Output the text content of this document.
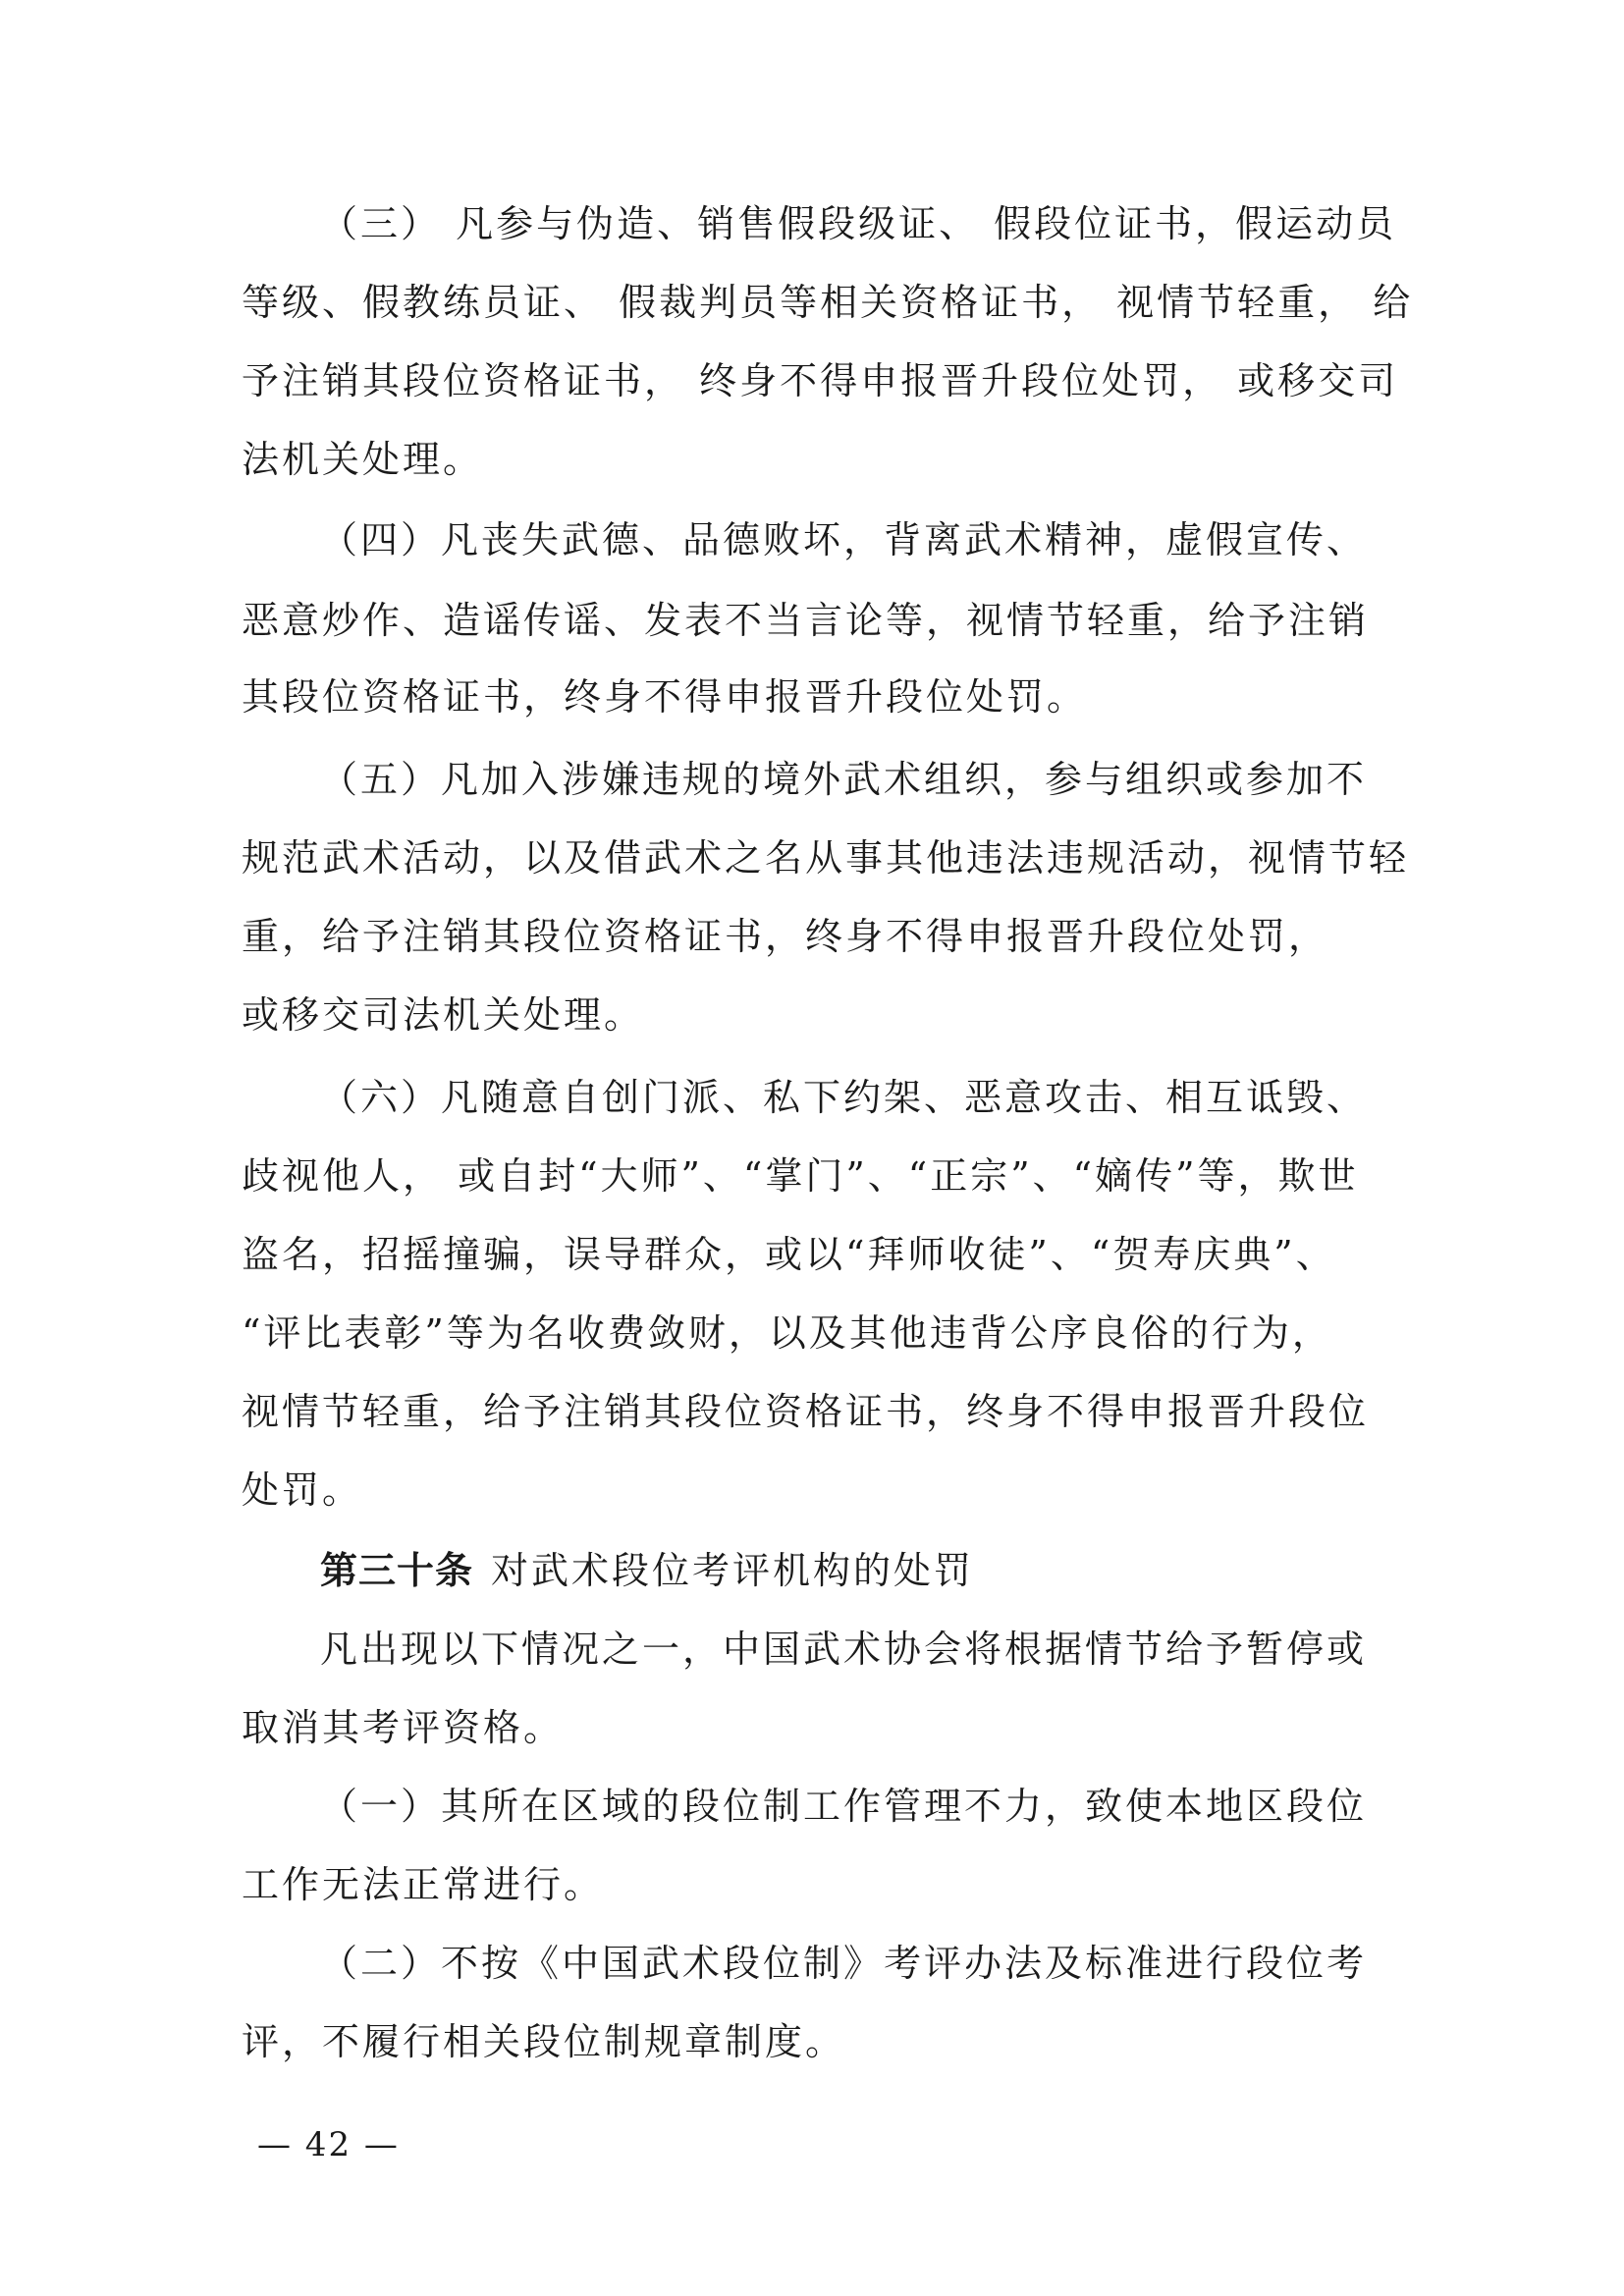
（三） 凡参与伪造、销售假段级证、 假段位证书，假运动员
等级、假教练员证、 假裁判员等相关资格证书， 视情节轻重， 给
予注销其段位资格证书， 终身不得申报晋升段位处罚， 或移交司
法机关处理。
（四）凡丧失武德、品德败坏，背离武术精神，虚假宣传、
恶意炒作、造谣传谣、发表不当言论等，视情节轻重，给予注销
其段位资格证书，终身不得申报晋升段位处罚。
（五）凡加入涉嫌违规的境外武术组织，参与组织或参加不
规范武术活动，以及借武术之名从事其他违法违规活动，视情节轻
重，给予注销其段位资格证书，终身不得申报晋升段位处罚，
或移交司法机关处理。
（六）凡随意自创门派、私下约架、恶意攻击、相互诋毁、
歧视他人， 或自封“大师”、“掌门”、“正宗”、“嫡传”等，欺世
盗名，招摇撞骗，误导群众，或以“拜师收徒”、“贺寿庆典”、
“评比表彰”等为名收费敛财，以及其他违背公序良俗的行为，
视情节轻重，给予注销其段位资格证书，终身不得申报晋升段位
处罚。
第三十条 对武术段位考评机构的处罚
凡出现以下情况之一，中国武术协会将根据情节给予暂停或
取消其考评资格。
（一）其所在区域的段位制工作管理不力，致使本地区段位
工作无法正常进行。
（二）不按《中国武术段位制》考评办法及标准进行段位考
评，不履行相关段位制规章制度。
— 42 —
